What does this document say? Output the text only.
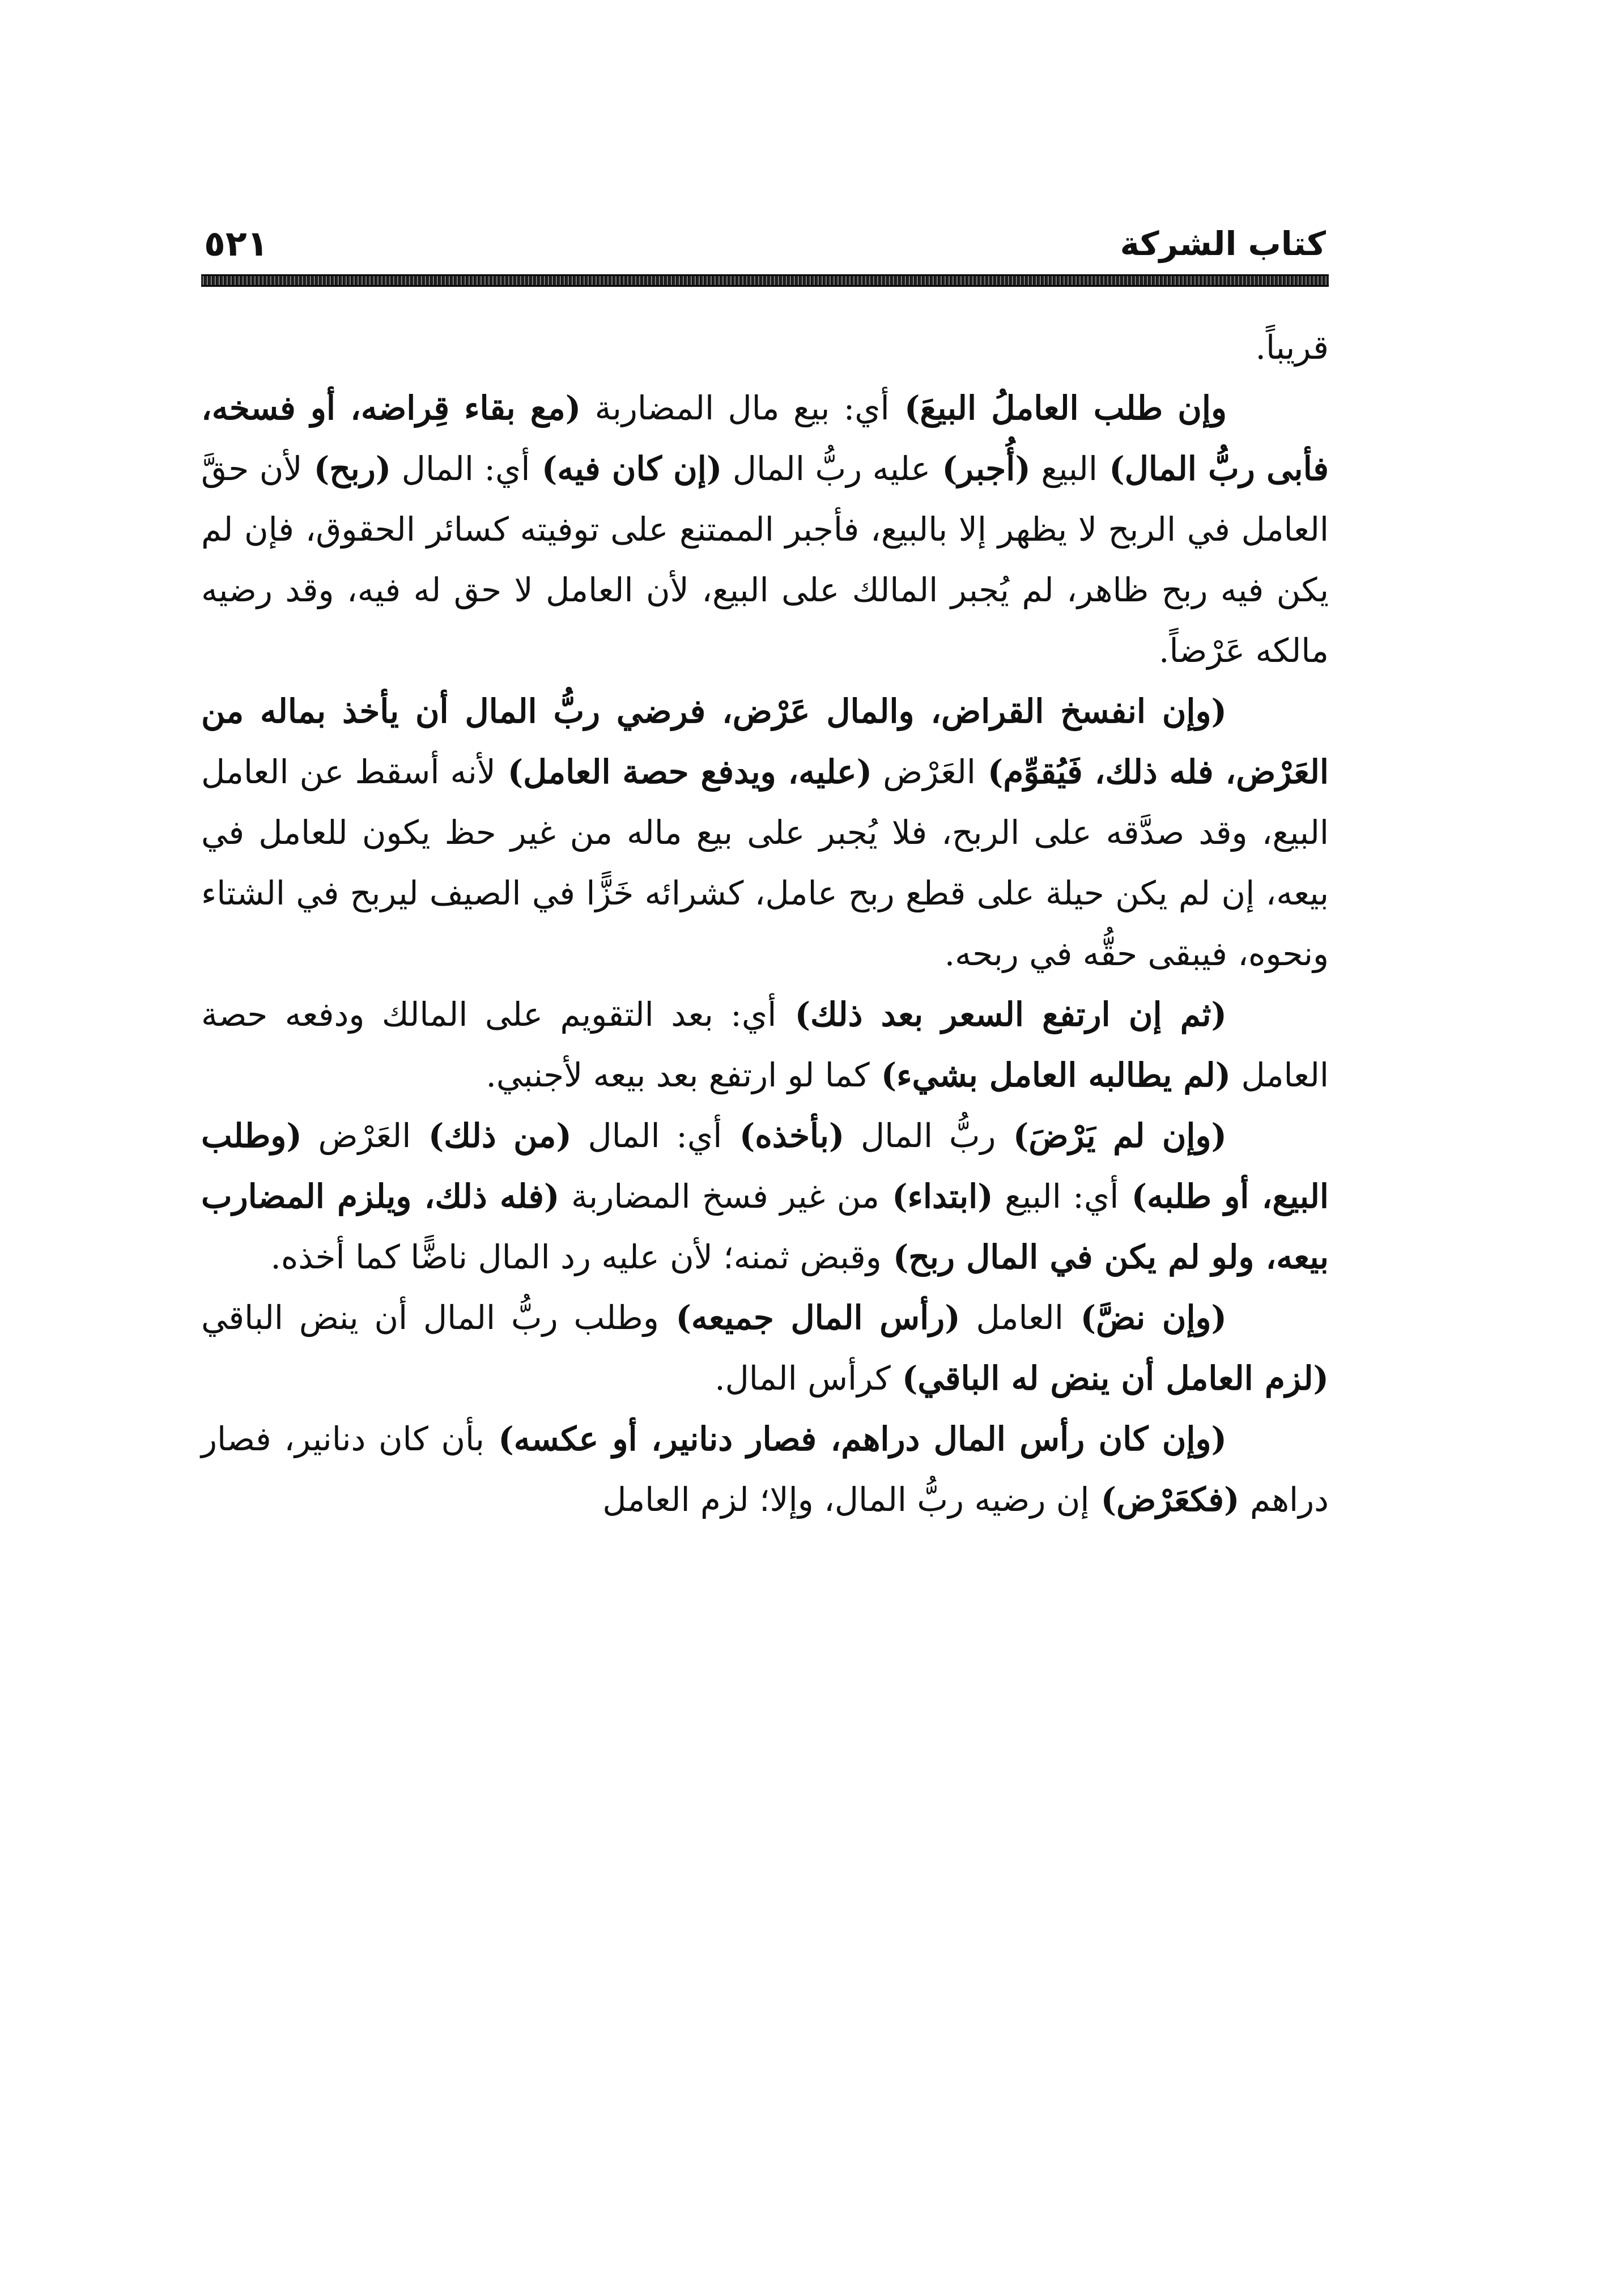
٥٢١	كتاب الشركة

قريباً.

وإن طلب العاملُ البيعَ) أي: بيع مال المضاربة (مع بقاء قِراضه، أو فسخه، فأبى ربُّ المال) البيع (أُجبر) عليه ربُّ المال (إن كان فيه) أي: المال (ربح) لأن حقَّ العامل في الربح لا يظهر إلا بالبيع، فأجبر الممتنع على توفيته كسائر الحقوق، فإن لم يكن فيه ربح ظاهر، لم يُجبر المالك على البيع، لأن العامل لا حق له فيه، وقد رضيه مالكه عَرْضاً.

(وإن انفسخ القراض، والمال عَرْض، فرضي ربُّ المال أن يأخذ بماله من العَرْض، فله ذلك، فَيُقوِّم) العَرْض (عليه، ويدفع حصة العامل) لأنه أسقط عن العامل البيع، وقد صدَّقه على الربح، فلا يُجبر على بيع ماله من غير حظ يكون للعامل في بيعه، إن لم يكن حيلة على قطع ربح عامل، كشرائه خَزًّا في الصيف ليربح في الشتاء ونحوه، فيبقى حقُّه في ربحه.

(ثم إن ارتفع السعر بعد ذلك) أي: بعد التقويم على المالك ودفعه حصة العامل (لم يطالبه العامل بشيء) كما لو ارتفع بعد بيعه لأجنبي.

(وإن لم يَرْضَ) ربُّ المال (بأخذه) أي: المال (من ذلك) العَرْض (وطلب البيع، أو طلبه) أي: البيع (ابتداء) من غير فسخ المضاربة (فله ذلك، ويلزم المضارب بيعه، ولو لم يكن في المال ربح) وقبض ثمنه؛ لأن عليه رد المال ناضًّا كما أخذه.

(وإن نضَّ) العامل (رأس المال جميعه) وطلب ربُّ المال أن ينض الباقي (لزم العامل أن ينض له الباقي) كرأس المال.

(وإن كان رأس المال دراهم، فصار دنانير، أو عكسه) بأن كان دنانير، فصار دراهم (فكعَرْض) إن رضيه ربُّ المال، وإلا؛ لزم العامل
